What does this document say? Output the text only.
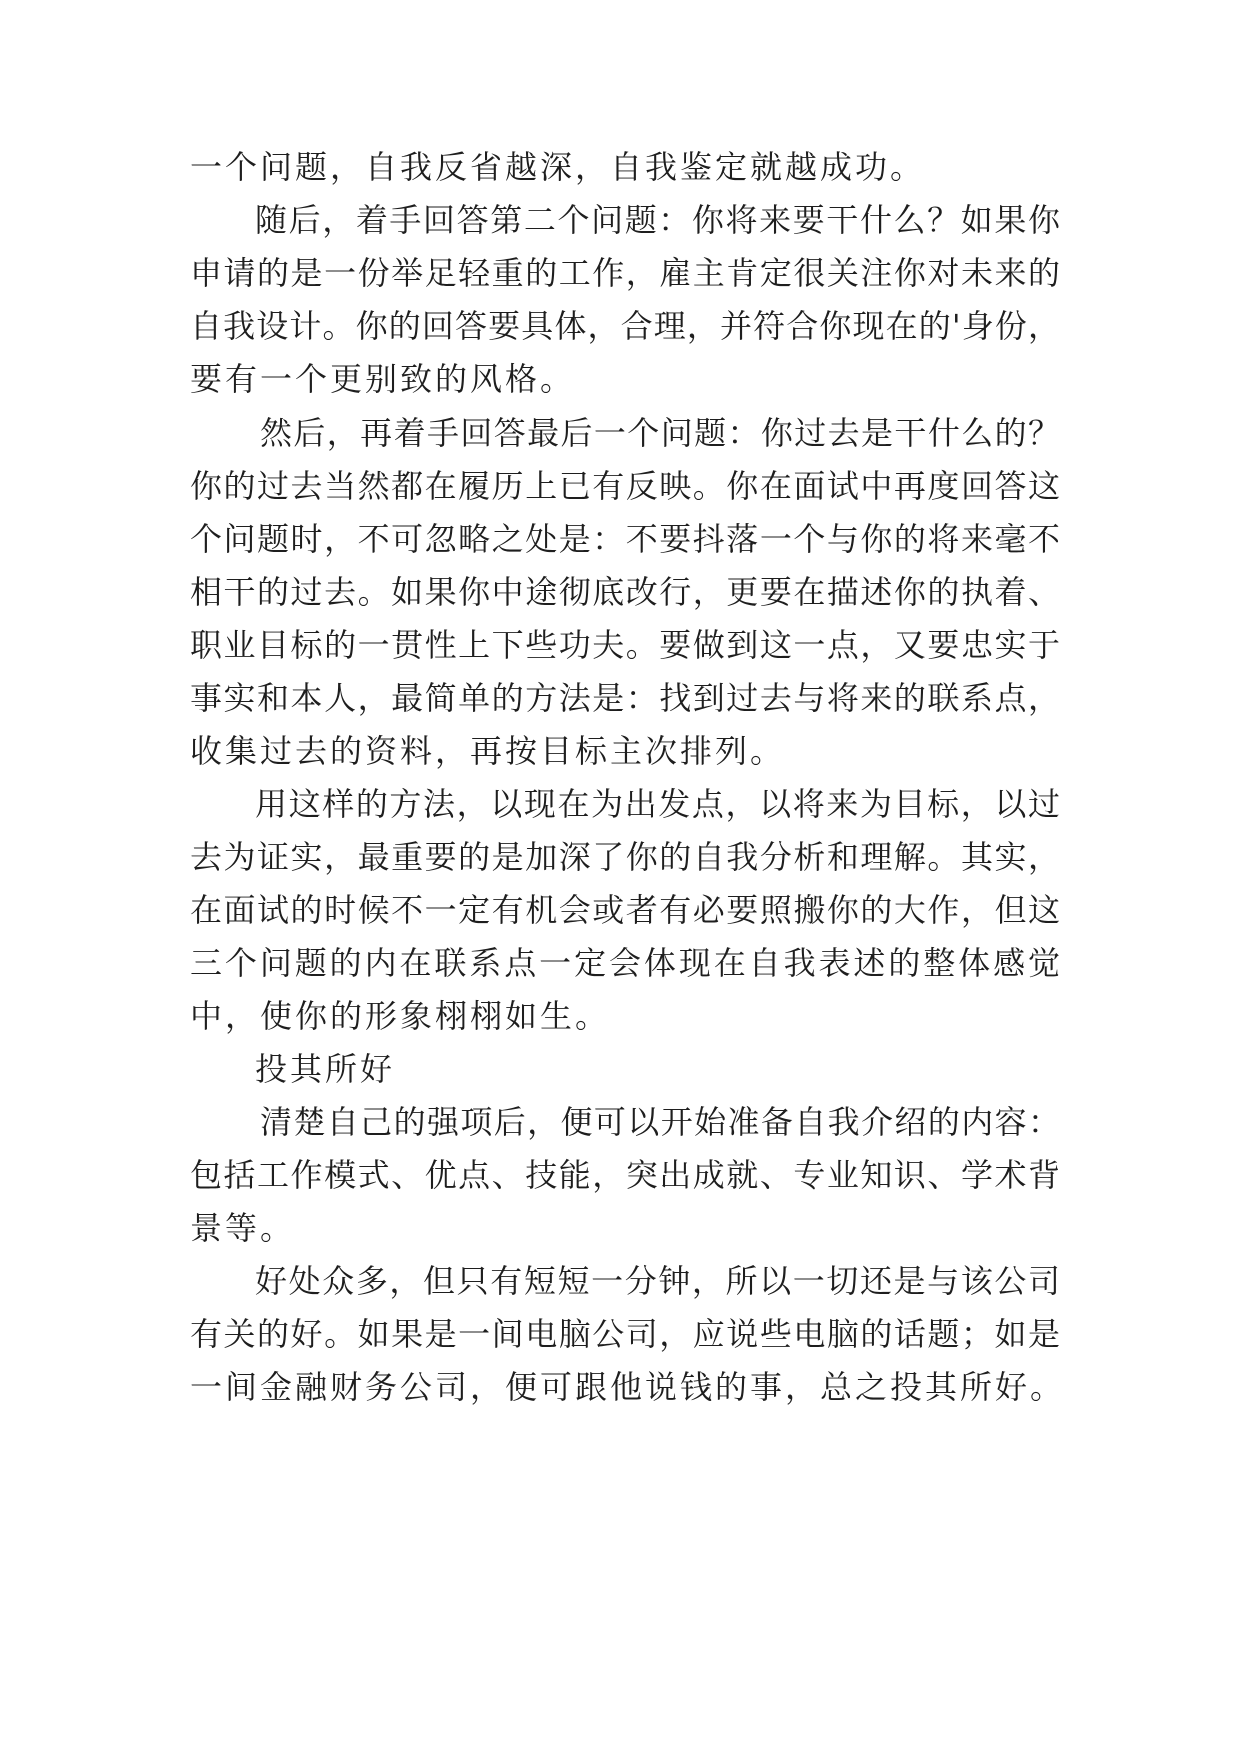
一个问题，自我反省越深，自我鉴定就越成功。
随后，着手回答第二个问题：你将来要干什么？如果你
申请的是一份举足轻重的工作，雇主肯定很关注你对未来的
自我设计。你的回答要具体，合理，并符合你现在的'身份，
要有一个更别致的风格。
然后，再着手回答最后一个问题：你过去是干什么的？
你的过去当然都在履历上已有反映。你在面试中再度回答这
个问题时，不可忽略之处是：不要抖落一个与你的将来毫不
相干的过去。如果你中途彻底改行，更要在描述你的执着、
职业目标的一贯性上下些功夫。要做到这一点，又要忠实于
事实和本人，最简单的方法是：找到过去与将来的联系点，
收集过去的资料，再按目标主次排列。
用这样的方法，以现在为出发点，以将来为目标，以过
去为证实，最重要的是加深了你的自我分析和理解。其实，
在面试的时候不一定有机会或者有必要照搬你的大作，但这
三个问题的内在联系点一定会体现在自我表述的整体感觉
中，使你的形象栩栩如生。
投其所好
清楚自己的强项后，便可以开始准备自我介绍的内容：
包括工作模式、优点、技能，突出成就、专业知识、学术背
景等。
好处众多，但只有短短一分钟，所以一切还是与该公司
有关的好。如果是一间电脑公司，应说些电脑的话题；如是
一间金融财务公司，便可跟他说钱的事，总之投其所好。
